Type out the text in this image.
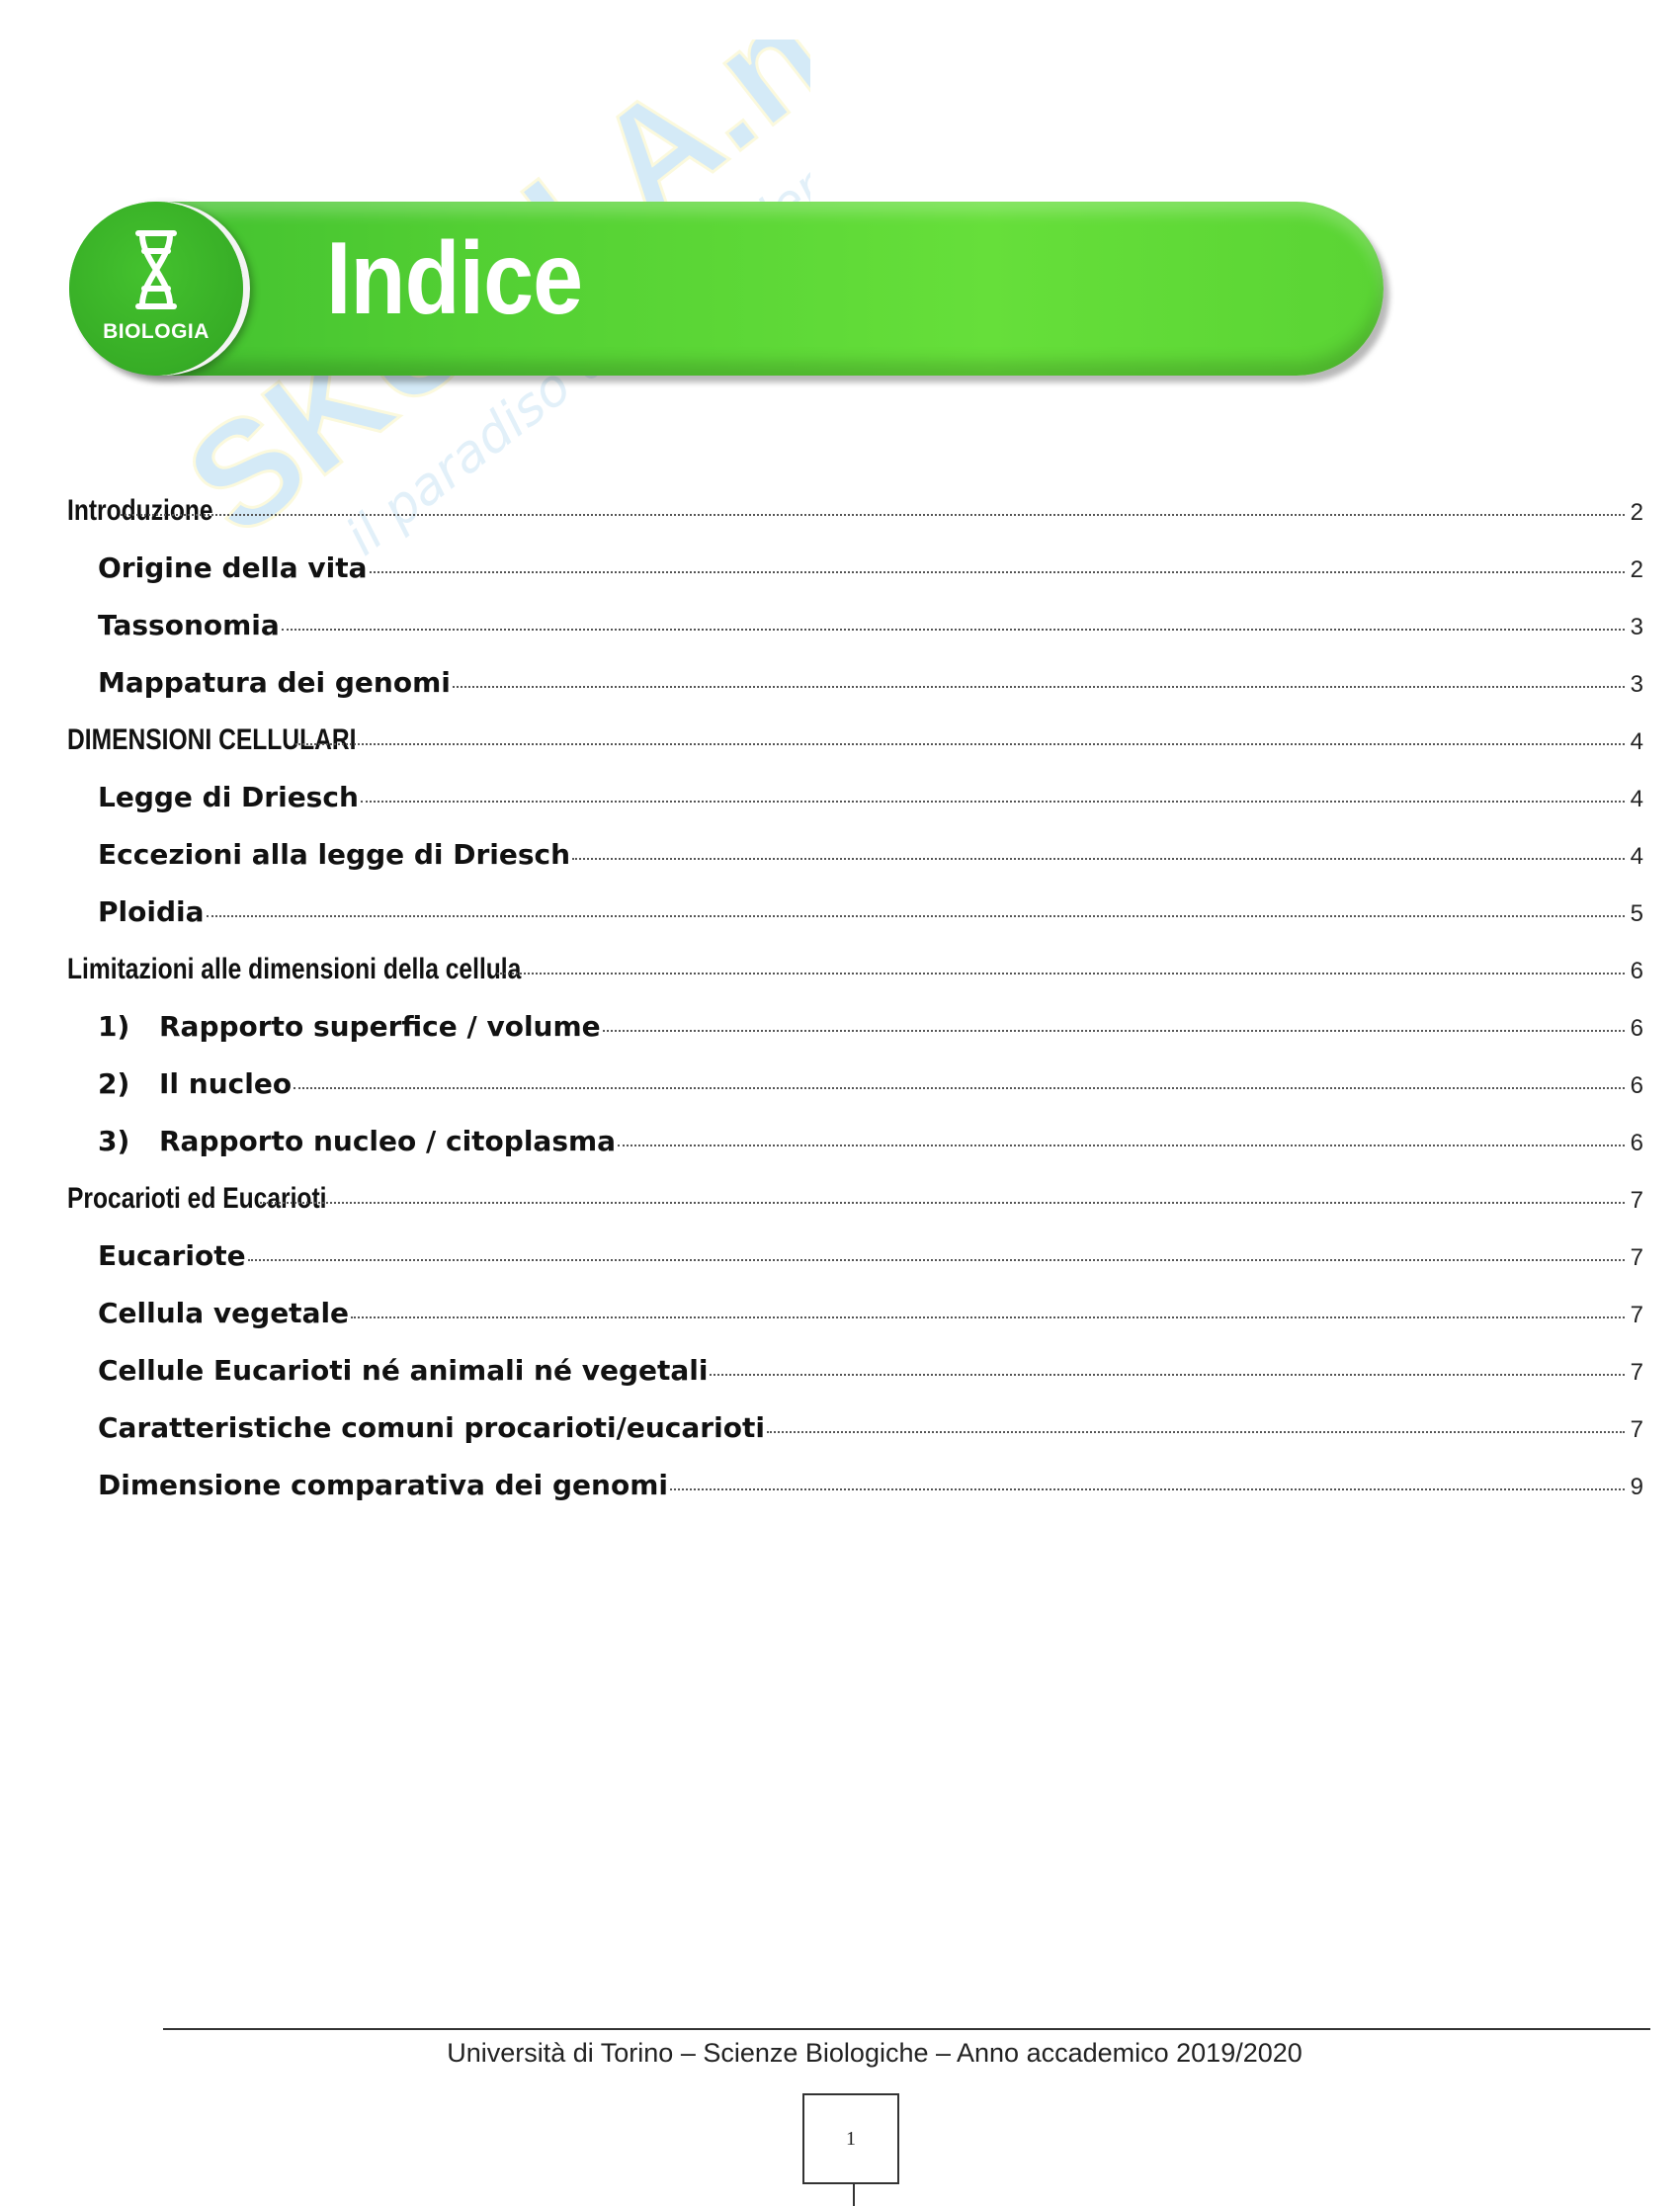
BIOLOGIA	Indice
Introduzione	2
Origine della vita	2
Tassonomia	3
Mappatura dei genomi	3
DIMENSIONI CELLULARI	4
Legge di Driesch	4
Eccezioni alla legge di Driesch	4
Ploidia	5
Limitazioni alle dimensioni della cellula	6
1) Rapporto superfice / volume	6
2) Il nucleo	6
3) Rapporto nucleo / citoplasma	6
Procarioti ed Eucarioti	7
Eucariote	7
Cellula vegetale	7
Cellule Eucarioti né animali né vegetali	7
Caratteristiche comuni procarioti/eucarioti	7
Dimensione comparativa dei genomi	9
Università di Torino – Scienze Biologiche – Anno accademico 2019/2020
1
